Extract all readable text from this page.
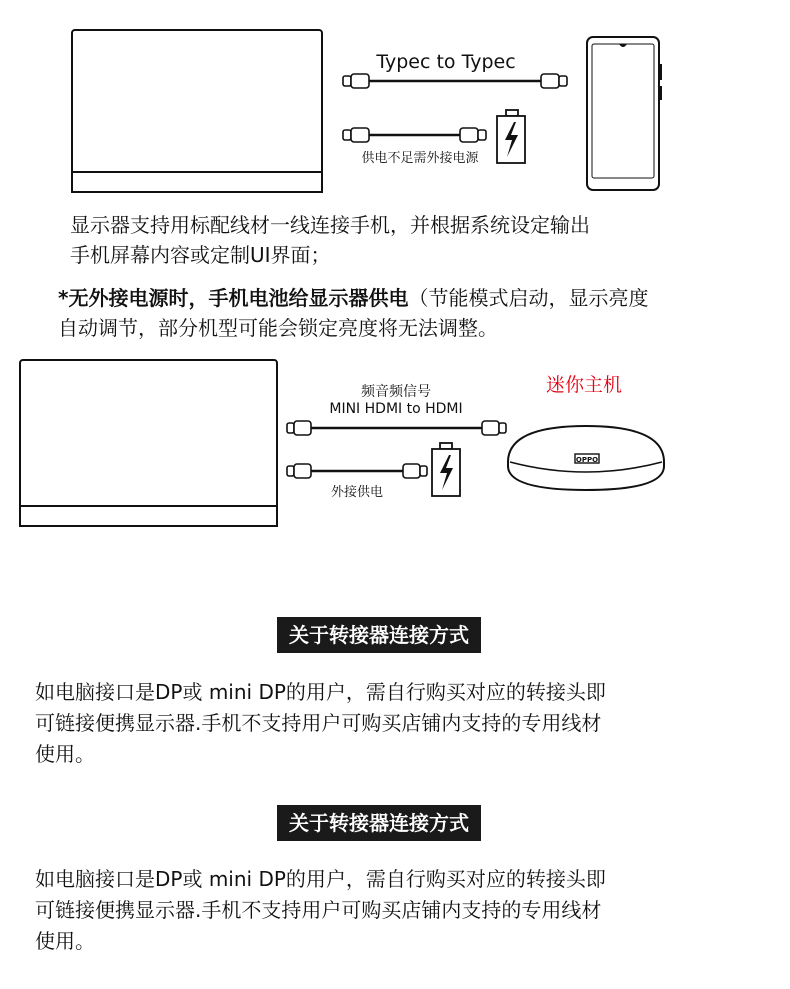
Typec to Typec
供电不足需外接电源
显示器支持用标配线材一线连接手机，并根据系统设定输出
手机屏幕内容或定制UI界面；
*无外接电源时，手机电池给显示器供电（节能模式启动，显示亮度
自动调节，部分机型可能会锁定亮度将无法调整。
频音频信号
MINI HDMI to HDMI
外接供电
OPPO
迷你主机
关于转接器连接方式
如电脑接口是DP或 mini DP的用户，需自行购买对应的转接头即
可链接便携显示器.手机不支持用户可购买店铺内支持的专用线材
使用。
关于转接器连接方式
如电脑接口是DP或 mini DP的用户，需自行购买对应的转接头即
可链接便携显示器.手机不支持用户可购买店铺内支持的专用线材
使用。
